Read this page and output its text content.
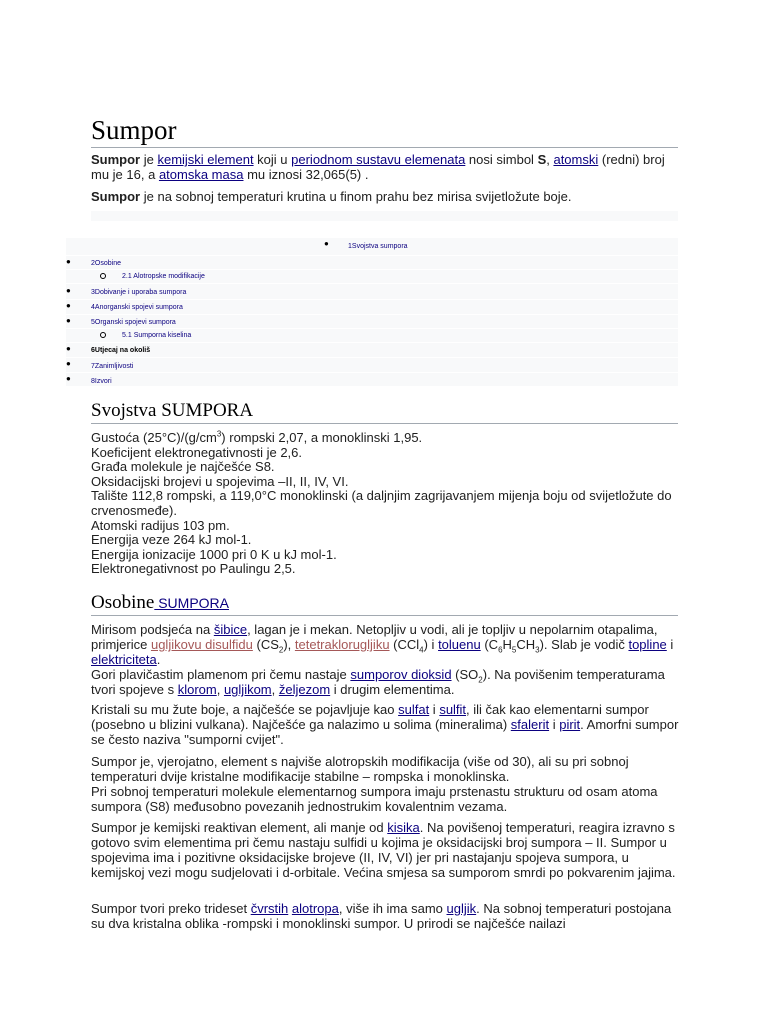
Sumpor

Sumpor je kemijski element koji u periodnom sustavu elemenata nosi simbol S, atomski (redni) broj mu je 16, a atomska masa mu iznosi 32,065(5) .

Sumpor je na sobnoj temperaturi krutina u finom prahu bez mirisa svijetložute boje.

●	1Svojstva sumpora
●	2Osobine
2.1 Alotropske modifikacije
●	3Dobivanje i uporaba sumpora
●	4Anorganski spojevi sumpora
●	5Organski spojevi sumpora
5.1 Sumporna kiselina
●	6Utjecaj na okoliš
●	7Zanimljivosti
●	8Izvori
Svojstva SUMPORA
Gustoća $(25^\circ C)/(g/cm^3)$ rompski 2,07, a monoklinski 1,95.
Koeficijent elektronegativnosti je 2,6.
Građa molekule je najčešće S8.
Oksidacijski brojevi u spojevima –II, II, IV, VI.
Talište 112,8 rompski, a 119,0°C monoklinski (a daljnjim zagrijavanjem mijenja boju od svijetložute do crvenosmeđe).
Atomski radijus 103 pm.
Energija veze 264 kJ mol-1.
Energija ionizacije 1000 pri 0 K u kJ mol-1.
Elektronegativnost po Paulingu 2,5.
Osobine SUMPORA

Mirisom podsjeća na šibice, lagan je i mekan. Netopljiv u vodi, ali je topljiv u nepolarnim otapalima, primjerice ugljikovu disulfidu $(CS_2)$, tetetraklorugljiku (CCl$_4$) i toluenu $(C_6H_5CH_3)$. Slab je vodič topline i elektriciteta.
Gori plavičastim plamenom pri čemu nastaje sumporov dioksid $(SO_2)$. Na povišenim temperaturama tvori spojeve s klorom, ugljikom, željezom i drugim elementima.

Kristali su mu žute boje, a najčešće se pojavljuje kao sulfat i sulfit, ili čak kao elementarni sumpor (posebno u blizini vulkana). Najčešće ga nalazimo u solima (mineralima) sfalerit i pirit. Amorfni sumpor se često naziva "sumporni cvijet".

Sumpor je, vjerojatno, element s najviše alotropskih modifikacija (više od 30), ali su pri sobnoj temperaturi dvije kristalne modifikacije stabilne – rompska i monoklinska.
Pri sobnoj temperaturi molekule elementarnog sumpora imaju prstenastu strukturu od osam atoma sumpora (S8) međusobno povezanih jednostrukim kovalentnim vezama.

Sumpor je kemijski reaktivan element, ali manje od kisika. Na povišenoj temperaturi, reagira izravno s gotovo svim elementima pri čemu nastaju sulfidi u kojima je oksidacijski broj sumpora – II. Sumpor u spojevima ima i pozitivne oksidacijske brojeve (II, IV, VI) jer pri nastajanju spojeva sumpora, u kemijskoj vezi mogu sudjelovati i d-orbitale. Većina smjesa sa sumporom smrdi po pokvarenim jajima.

Sumpor tvori preko trideset čvrstih alotropa, više ih ima samo ugljik. Na sobnoj temperaturi postojana su dva kristalna oblika -rompski i monoklinski sumpor. U prirodi se najčešće nailazi
